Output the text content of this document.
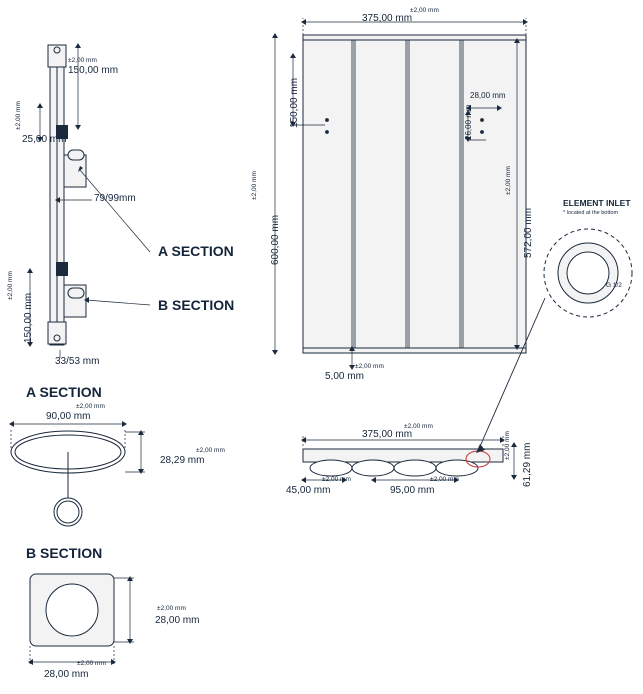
±2,00 mm
150,00 mm
±2,00 mm
25,00 mm
79/99mm
±2,00 mm
150,00 mm
33/53 mm
A SECTION
B SECTION
±2,00 mm
375,00 mm
±2,00 mm
600,00 mm
150,00 mm	28,00 mm
26,00 mm
±2,00 mm
572,00 mm
±2,00 mm
5,00 mm
ELEMENT INLET
* located at the bottom
G 1/2
A SECTION
±2,00 mm
90,00 mm
±2,00 mm
28,29 mm
B SECTION
±2,00 mm
28,00 mm
±2,00 mm
28,00 mm
±2,00 mm
375,00 mm	±2,00 mm 61,29 mm
±2,00 mm
45,00 mm
±2,00 mm
95,00 mm
